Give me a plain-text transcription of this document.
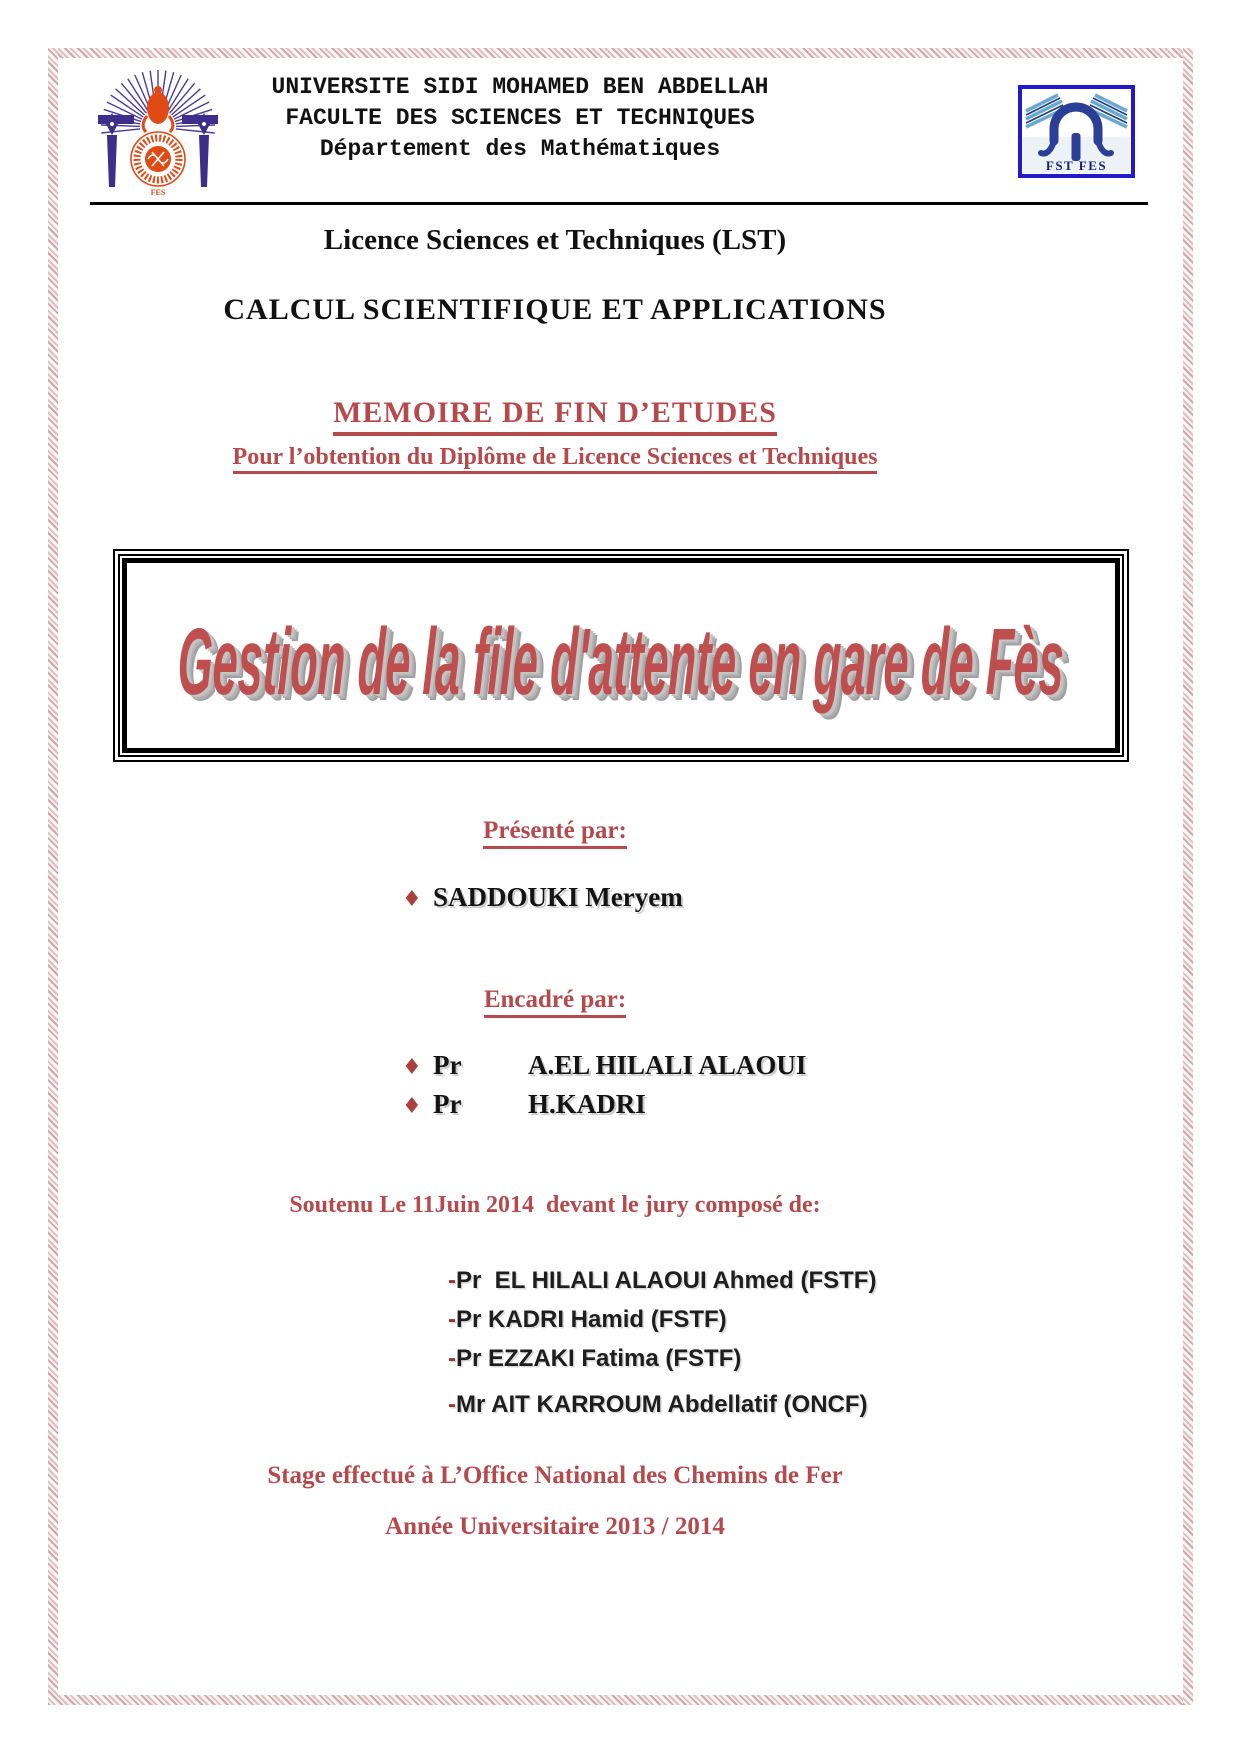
FES
UNIVERSITE SIDI MOHAMED BEN ABDELLAH
FACULTE DES SCIENCES ET TECHNIQUES
Département des Mathématiques
FST FES
Licence Sciences et Techniques (LST)
CALCUL SCIENTIFIQUE ET APPLICATIONS
MEMOIRE DE FIN D’ETUDES
Pour l’obtention du Diplôme de Licence Sciences et Techniques
Gestion de la file d'attente en gare de Fès
Présenté par:
♦ SADDOUKI Meryem
Encadré par:
♦ Pr	A.EL HILALI ALAOUI
♦ Pr	H.KADRI
Soutenu Le 11Juin 2014  devant le jury composé de:
-Pr  EL HILALI ALAOUI Ahmed (FSTF)
-Pr KADRI Hamid (FSTF)
-Pr EZZAKI Fatima (FSTF)
-Mr AIT KARROUM Abdellatif (ONCF)
Stage effectué à L’Office National des Chemins de Fer
Année Universitaire 2013 / 2014
